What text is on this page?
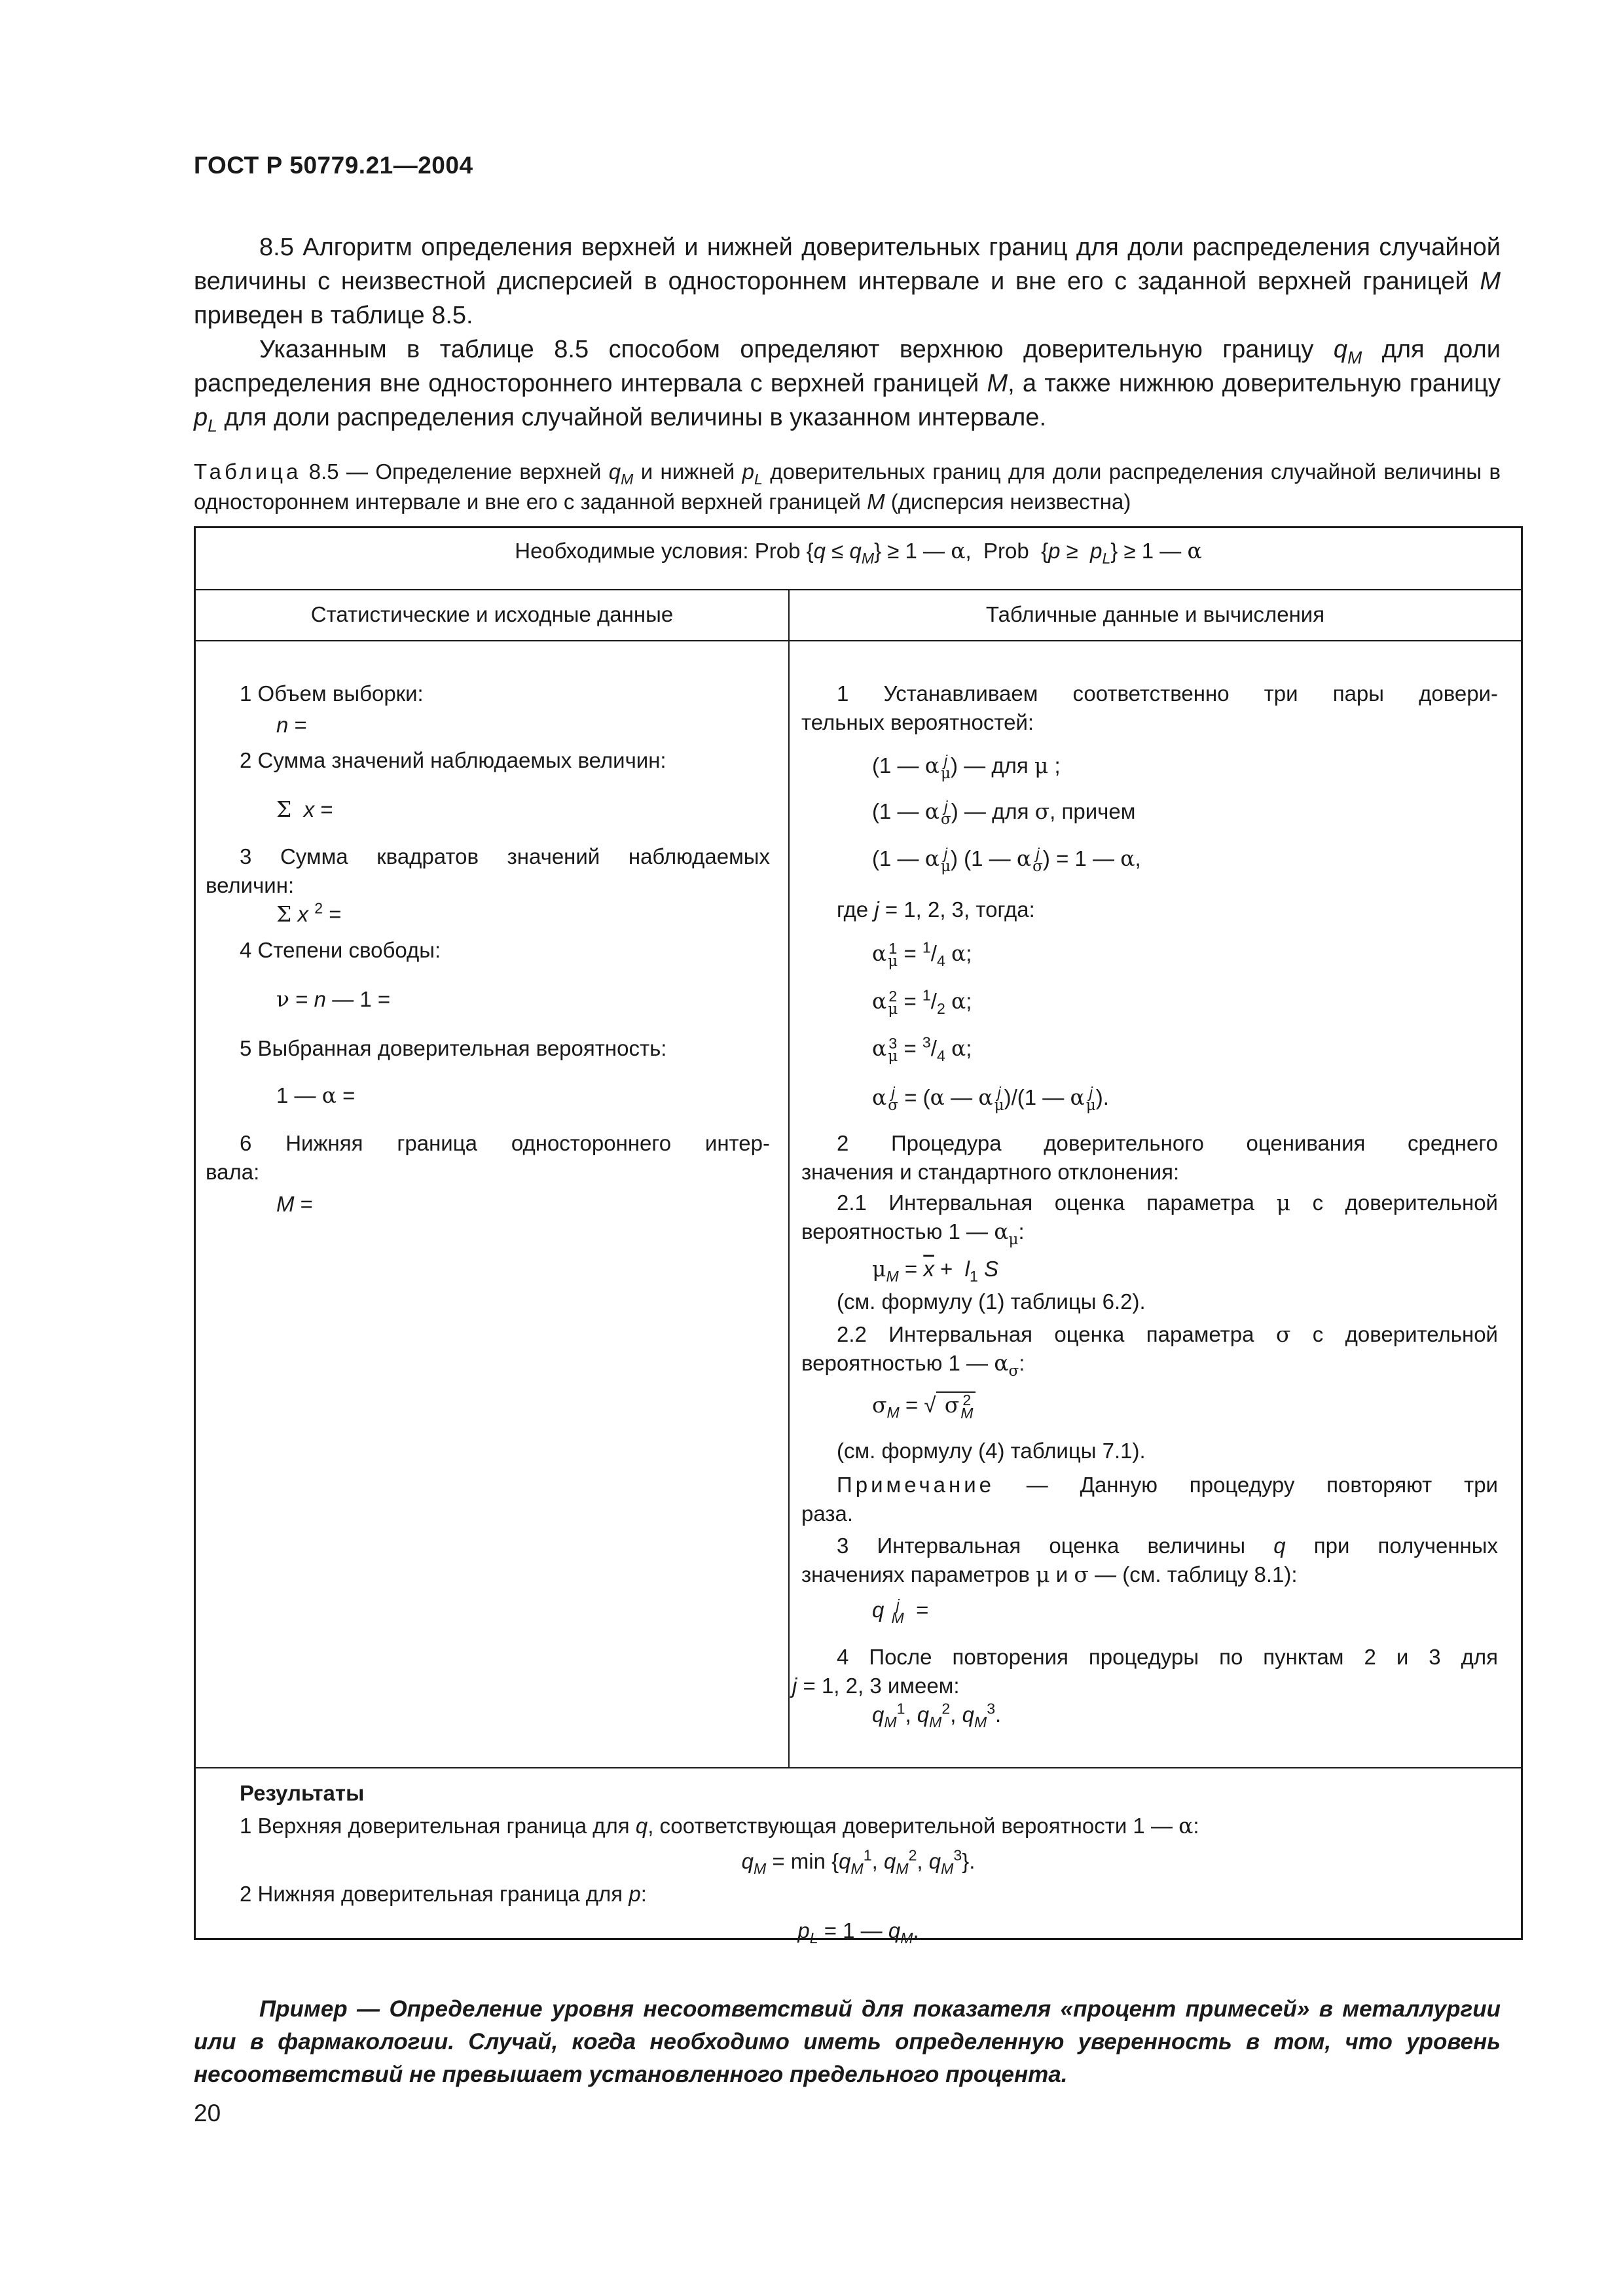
ГОСТ Р 50779.21—2004

8.5 Алгоритм определения верхней и нижней доверительных границ для доли распределения случайной величины с неизвестной дисперсией в одностороннем интервале и вне его с заданной верхней границей M приведен в таблице 8.5.

Указанным в таблице 8.5 способом определяют верхнюю доверительную границу $q_M$ для доли распределения вне одностороннего интервала с верхней границей M, а также нижнюю доверительную границу $p_L$ для доли распределения случайной величины в указанном интервале.

Таблица 8.5 — Определение верхней $q_M$ и нижней $p_L$ доверительных границ для доли распределения случайной величины в одностороннем интервале и вне его с заданной верхней границей M (дисперсия неизвестна)
Необходимые условия: Prob $\{q \le q_M\} \ge 1$ — α,  Prob  $\{p \ge p_L\} \ge 1$ — α
Статистические и исходные данные	Табличные данные и вычисления
1 Объем выборки:
n =
2 Сумма значений наблюдаемых величин:
Σ x =
3 Сумма квадратов значений наблюдаемых
величин:
Σ x $^2$ =
4 Степени свободы:
ν = n — 1 =
5 Выбранная доверительная вероятность:
1 — α =
6 Нижняя граница одностороннего интер-
вала:
M =
1 Устанавливаем соответственно три пары довери-
тельных вероятностей:
(1 — α j
μ ) — для μ ;
(1 — α j
σ ) — для σ, причем
(1 — α j
μ ) (1 — α j
σ ) = 1 — α,
где j = 1, 2, 3, тогда:
α 1
$\mu = ^1/_4$ α;
α 2
$\mu = ^1/_2$ α;
α 3
$\mu = ^3/_4$ α;
α j
σ = (α — α j
μ )/(1 — α j
μ ).
2 Процедура доверительного оценивания среднего
значения и стандартного отклонения:
2.1 Интервальная оценка параметра μ с доверительной
вероятностью 1 — $\alpha_\mu$:
$\mu_M = \overline{x} + l_1$ S
(см. формулу (1) таблицы 6.2).
2.2 Интервальная оценка параметра σ с доверительной
вероятностью 1 — $\alpha_\sigma$:
$\sigma_M$ = √ σ 2
M
(см. формулу (4) таблицы 7.1).
Примечание — Данную процедуру повторяют три
раза.
3 Интервальная оценка величины q при полученных
значениях параметров μ и σ — (см. таблицу 8.1):
q j
M =
4 После повторения процедуры по пунктам 2 и 3 для
j = 1, 2, 3 имеем:
$q_M^1$, $q_M^2$, $q_M^3$.
Результаты
1 Верхняя доверительная граница для q, соответствующая доверительной вероятности 1 — α:
$q_M = \min \{q_M^1$, $q_M^2$, $q_M^3$}.
2 Нижняя доверительная граница для p:
$p_L = 1$ — $q_M$.

Пример — Определение уровня несоответствий для показателя «процент примесей» в металлургии или в фармакологии. Случай, когда необходимо иметь определенную уверенность в том, что уровень несоответствий не превышает установленного предельного процента.

20
